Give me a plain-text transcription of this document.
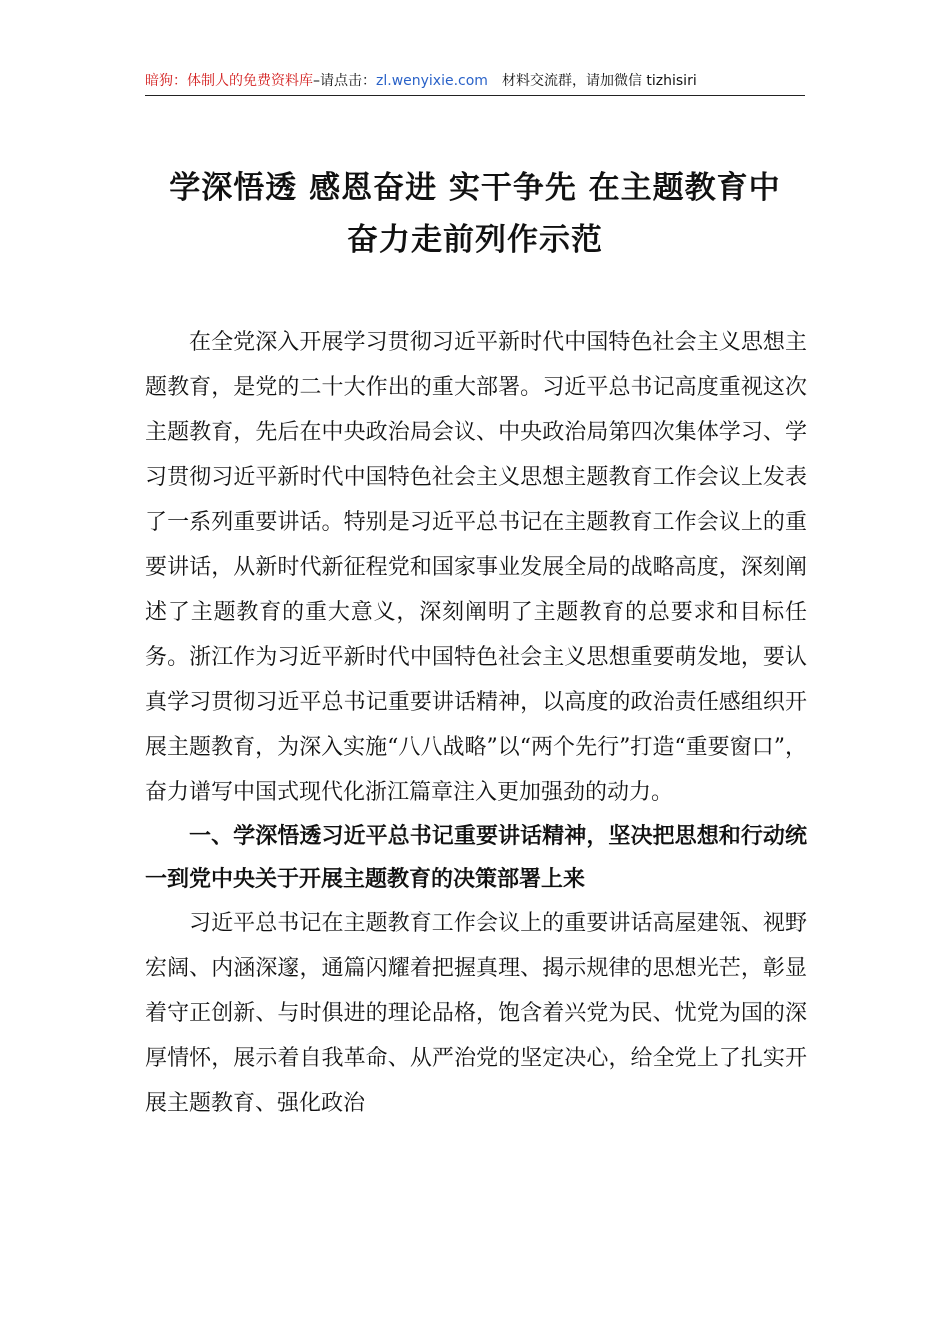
暗狗：体制人的免费资料库–请点击：zl.wenyixie.com 材料交流群，请加微信 tizhisiri
学深悟透 感恩奋进 实干争先 在主题教育中
奋力走前列作示范

在全党深入开展学习贯彻习近平新时代中国特色社会主义思想主题教育，是党的二十大作出的重大部署。习近平总书记高度重视这次主题教育，先后在中央政治局会议、中央政治局第四次集体学习、学习贯彻习近平新时代中国特色社会主义思想主题教育工作会议上发表了一系列重要讲话。特别是习近平总书记在主题教育工作会议上的重要讲话，从新时代新征程党和国家事业发展全局的战略高度，深刻阐述了主题教育的重大意义，深刻阐明了主题教育的总要求和目标任务。浙江作为习近平新时代中国特色社会主义思想重要萌发地，要认真学习贯彻习近平总书记重要讲话精神，以高度的政治责任感组织开展主题教育，为深入实施“八八战略”以“两个先行”打造“重要窗口”，奋力谱写中国式现代化浙江篇章注入更加强劲的动力。

一、学深悟透习近平总书记重要讲话精神，坚决把思想和行动统一到党中央关于开展主题教育的决策部署上来

习近平总书记在主题教育工作会议上的重要讲话高屋建瓴、视野宏阔、内涵深邃，通篇闪耀着把握真理、揭示规律的思想光芒，彰显着守正创新、与时俱进的理论品格，饱含着兴党为民、忧党为国的深厚情怀，展示着自我革命、从严治党的坚定决心，给全党上了扎实开展主题教育、强化政治
